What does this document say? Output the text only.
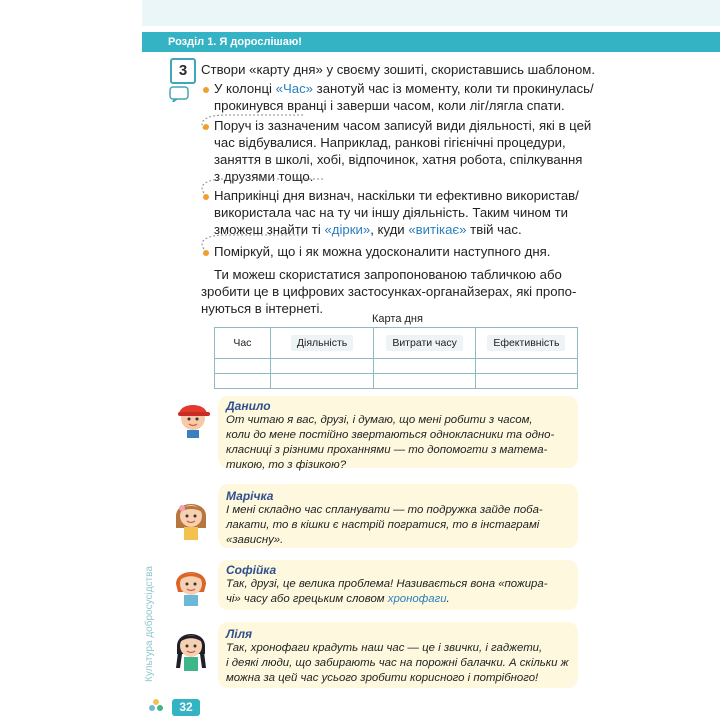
Розділ 1. Я дорослішаю!
3	Створи «карту дня» у своєму зошиті, скориставшись шаблоном.
У колонці «Час» занотуй час із моменту, коли ти прокинулась/
прокинувся вранці і заверши часом, коли ліг/лягла спати.
Поруч із зазначеним часом записуй види діяльності, які в цей
час відбувалися. Наприклад, ранкові гігієнічні процедури,
заняття в школі, хобі, відпочинок, хатня робота, спілкування
з друзями тощо.
Наприкінці дня визнач, наскільки ти ефективно використав/
використала час на ту чи іншу діяльність. Таким чином ти
зможеш знайти ті «дірки», куди «витікає» твій час.
Поміркуй, що і як можна удосконалити наступного дня.
Ти можеш скористатися запропонованою табличкою або
зробити це в цифрових застосунках-органайзерах, які пропо-
нуються в інтернеті.
Карта дня
Час	Діяльність	Витрати часу	Ефективність

Данило
От читаю я вас, друзі, і думаю, що мені робити з часом,
коли до мене постійно звертаються однокласники та одно-
класниці з різними проханнями — то допомогти з матема-
тикою, то з фізикою?
Марічка
І мені складно час спланувати — то подружка зайде поба-
лакати, то в кішки є настрій погратися, то в інстаграмі
«зависну».
Софійка
Так, друзі, це велика проблема! Називається вона «пожира-
чі» часу або грецьким словом хронофаги.
Ліля
Так, хронофаги крадуть наш час — це і звички, і гаджети,
і деякі люди, що забирають час на порожні балачки. А скільки ж
можна за цей час усього зробити корисного і потрібного!
Культура добросусідства
32
